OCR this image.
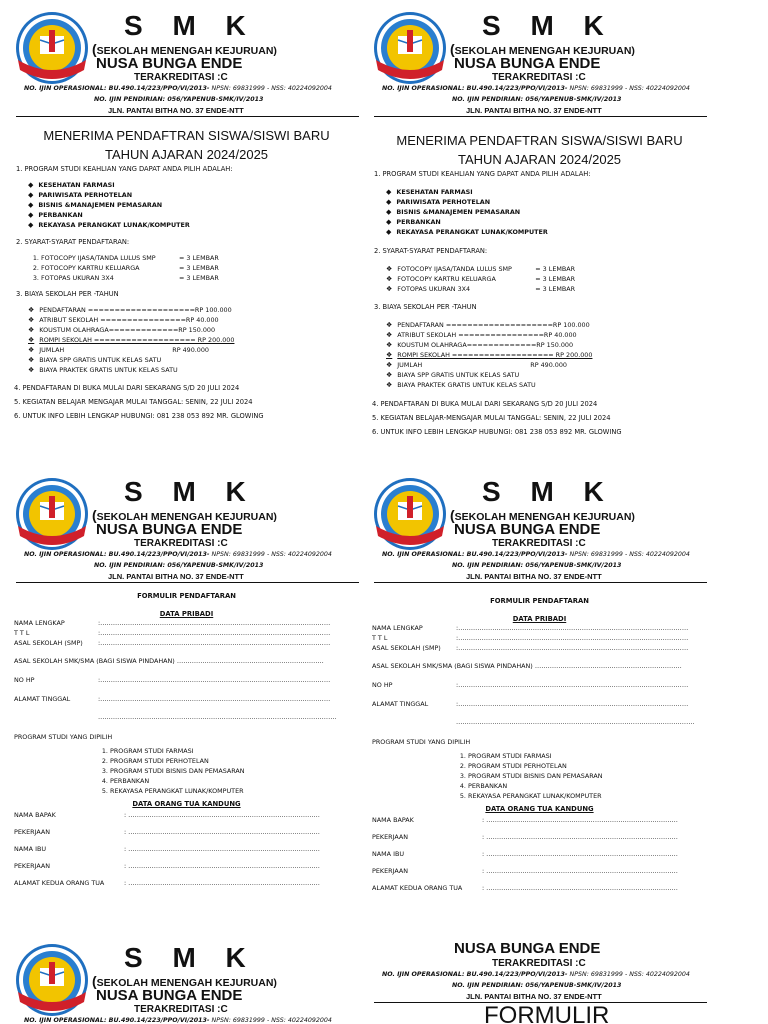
S M K
(SEKOLAH MENENGAH KEJURUAN)
NUSA BUNGA ENDE
TERAKREDITASI :C
NO. IJIN OPERASIONAL: BU.490.14/223/PPO/VI/2013- NPSN: 69831999 - NSS: 40224092004
NO. IJIN PENDIRIAN: 056/YAPENUB-SMK/IV/2013
JLN. PANTAI BITHA NO. 37 ENDE-NTT
MENERIMA PENDAFTRAN SISWA/SISWI BARU
TAHUN AJARAN 2024/2025
1. PROGRAM STUDI KEAHLIAN YANG DAPAT ANDA PILIH ADALAH:
◆ KESEHATAN FARMASI
◆ PARIWISATA PERHOTELAN
◆ BISNIS &MANAJEMEN PEMASARAN
◆ PERBANKAN
◆ REKAYASA PERANGKAT LUNAK/KOMPUTER
2. SYARAT-SYARAT PENDAFTARAN:
1. FOTOCOPY IJASA/TANDA LULUS SMP	= 3 LEMBAR
2. FOTOCOPY KARTRU KELUARGA	= 3 LEMBAR
3. FOTOPAS UKURAN 3X4	= 3 LEMBAR
3. BIAYA SEKOLAH PER -TAHUN
❖ PENDAFTARAN ====================RP 100.000
❖ ATRIBUT SEKOLAH ================RP 40.000
❖ KOUSTUM OLAHRAGA=============RP 150.000
❖ ROMPI SEKOLAH =================== RP 200.000
❖ JUMLAH	RP 490.000
❖ BIAYA SPP GRATIS UNTUK KELAS SATU
❖ BIAYA PRAKTEK GRATIS UNTUK KELAS SATU
4. PENDAFTARAN DI BUKA MULAI DARI SEKARANG S/D 20 JULI 2024
5. KEGIATAN BELAJAR MENGAJAR MULAI TANGGAL: SENIN, 22 JULI 2024
6. UNTUK INFO LEBIH LENGKAP HUBUNGI: 081 238 053 892 MR. GLOWING
S M K
(SEKOLAH MENENGAH KEJURUAN)
NUSA BUNGA ENDE
TERAKREDITASI :C
NO. IJIN OPERASIONAL: BU.490.14/223/PPO/VI/2013- NPSN: 69831999 - NSS: 40224092004
NO. IJIN PENDIRIAN: 056/YAPENUB-SMK/IV/2013
JLN. PANTAI BITHA NO. 37 ENDE-NTT
MENERIMA PENDAFTRAN SISWA/SISWI BARU
TAHUN AJARAN 2024/2025
1. PROGRAM STUDI KEAHLIAN YANG DAPAT ANDA PILIH ADALAH:
◆ KESEHATAN FARMASI
◆ PARIWISATA PERHOTELAN
◆ BISNIS &MANAJEMEN PEMASARAN
◆ PERBANKAN
◆ REKAYASA PERANGKAT LUNAK/KOMPUTER
2. SYARAT-SYARAT PENDAFTARAN:
❖ FOTOCOPY IJASA/TANDA LULUS SMP	= 3 LEMBAR
❖ FOTOCOPY KARTRU KELUARGA	= 3 LEMBAR
❖ FOTOPAS UKURAN 3X4	= 3 LEMBAR
3. BIAYA SEKOLAH PER -TAHUN
❖ PENDAFTARAN ====================RP 100.000
❖ ATRIBUT SEKOLAH ================RP 40.000
❖ KOUSTUM OLAHRAGA=============RP 150.000
❖ ROMPI SEKOLAH =================== RP 200.000
❖ JUMLAH	RP 490.000
❖ BIAYA SPP GRATIS UNTUK KELAS SATU
❖ BIAYA PRAKTEK GRATIS UNTUK KELAS SATU
4. PENDAFTARAN DI BUKA MULAI DARI SEKARANG S/D 20 JULI 2024
5. KEGIATAN BELAJAR-MENGAJAR MULAI TANGGAL: SENIN, 22 JULI 2024
6. UNTUK INFO LEBIH LENGKAP HUBUNGI: 081 238 053 892 MR. GLOWING
S M K
(SEKOLAH MENENGAH KEJURUAN)
NUSA BUNGA ENDE
TERAKREDITASI :C
NO. IJIN OPERASIONAL: BU.490.14/223/PPO/VI/2013- NPSN: 69831999 - NSS: 40224092004
NO. IJIN PENDIRIAN: 056/YAPENUB-SMK/IV/2013
JLN. PANTAI BITHA NO. 37 ENDE-NTT
FORMULIR PENDAFTARAN
DATA PRIBADI
NAMA LENGKAP	:………………………………………………………………………………………………
T T L	:………………………………………………………………………………………………
ASAL SEKOLAH (SMP) :………………………………………………………………………………………………
ASAL SEKOLAH SMK/SMA (BAGI SISWA PINDAHAN) ……………………………………………………………
NO HP	:………………………………………………………………………………………………
ALAMAT TINGGAL	:………………………………………………………………………………………………
………………………………………………………………………………………………….
PROGRAM STUDI YANG DIPILIH
1. PROGRAM STUDI FARMASI
2. PROGRAM STUDI PERHOTELAN
3. PROGRAM STUDI BISNIS DAN PEMASARAN
4. PERBANKAN
5. REKAYASA PERANGKAT LUNAK/KOMPUTER
DATA ORANG TUA KANDUNG
NAMA BAPAK	: ………………………………………………………………………………
PEKERJAAN	: ………………………………………………………………………………
NAMA IBU	: ………………………………………………………………………………
PEKERJAAN	: ………………………………………………………………………………
ALAMAT KEDUA ORANG TUA	: ………………………………………………………………………………
S M K
(SEKOLAH MENENGAH KEJURUAN)
NUSA BUNGA ENDE
TERAKREDITASI :C
NO. IJIN OPERASIONAL: BU.490.14/223/PPO/VI/2013- NPSN: 69831999 - NSS: 40224092004
NO. IJIN PENDIRIAN: 056/YAPENUB-SMK/IV/2013
JLN. PANTAI BITHA NO. 37 ENDE-NTT
FORMULIR PENDAFTARAN
DATA PRIBADI
NAMA LENGKAP	:………………………………………………………………………………………………
T T L	:………………………………………………………………………………………………
ASAL SEKOLAH (SMP) :………………………………………………………………………………………………
ASAL SEKOLAH SMK/SMA (BAGI SISWA PINDAHAN) ……………………………………………………………
NO HP	:………………………………………………………………………………………………
ALAMAT TINGGAL	:………………………………………………………………………………………………
………………………………………………………………………………………………….
PROGRAM STUDI YANG DIPILIH
1. PROGRAM STUDI FARMASI
2. PROGRAM STUDI PERHOTELAN
3. PROGRAM STUDI BISNIS DAN PEMASARAN
4. PERBANKAN
5. REKAYASA PERANGKAT LUNAK/KOMPUTER
DATA ORANG TUA KANDUNG
NAMA BAPAK	: ………………………………………………………………………………
PEKERJAAN	: ………………………………………………………………………………
NAMA IBU	: ………………………………………………………………………………
PEKERJAAN	: ………………………………………………………………………………
ALAMAT KEDUA ORANG TUA	: ………………………………………………………………………………
S M K
(SEKOLAH MENENGAH KEJURUAN)
NUSA BUNGA ENDE
TERAKREDITASI :C
NO. IJIN OPERASIONAL: BU.490.14/223/PPO/VI/2013- NPSN: 69831999 - NSS: 40224092004
NUSA BUNGA ENDE
TERAKREDITASI :C
NO. IJIN OPERASIONAL: BU.490.14/223/PPO/VI/2013- NPSN: 69831999 - NSS: 40224092004
NO. IJIN PENDIRIAN: 056/YAPENUB-SMK/IV/2013
JLN. PANTAI BITHA NO. 37 ENDE-NTT
FORMULIR
